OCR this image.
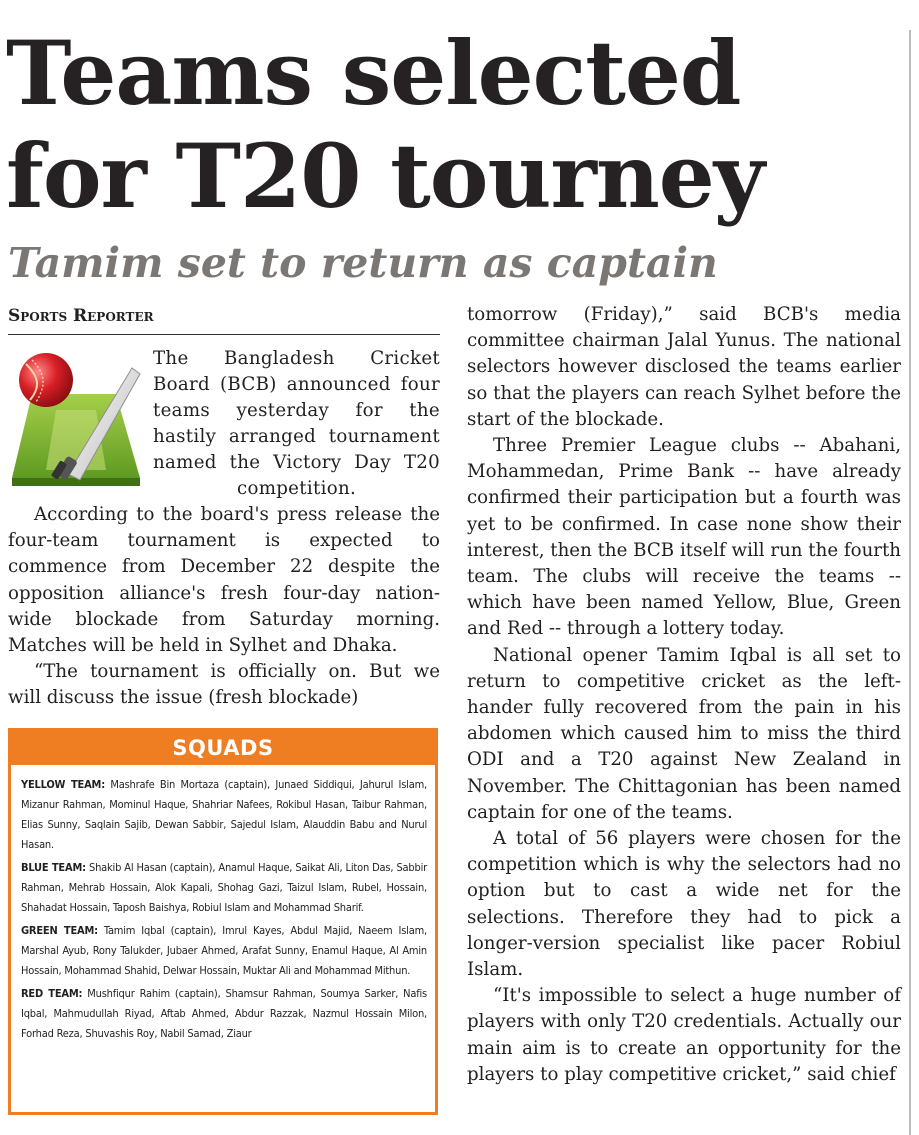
Teams selected for T20 tourney
Tamim set to return as captain
Sports Reporter

The Bangladesh Cricket Board (BCB) announced four teams yesterday for the hastily arranged tournament named the Victory Day T20 competition.

According to the board's press release the four-team tournament is expected to commence from December 22 despite the opposition alliance's fresh four-day nation-wide blockade from Saturday morning. Matches will be held in Sylhet and Dhaka.

“The tournament is officially on. But we will discuss the issue (fresh blockade)

SQUADS

YELLOW TEAM: Mashrafe Bin Mortaza (captain), Junaed Siddiqui, Jahurul Islam, Mizanur Rahman, Mominul Haque, Shahriar Nafees, Rokibul Hasan, Taibur Rahman, Elias Sunny, Saqlain Sajib, Dewan Sabbir, Sajedul Islam, Alauddin Babu and Nurul Hasan.

BLUE TEAM: Shakib Al Hasan (captain), Anamul Haque, Saikat Ali, Liton Das, Sabbir Rahman, Mehrab Hossain, Alok Kapali, Shohag Gazi, Taizul Islam, Rubel, Hossain, Shahadat Hossain, Taposh Baishya, Robiul Islam and Mohammad Sharif.

GREEN TEAM: Tamim Iqbal (captain), Imrul Kayes, Abdul Majid, Naeem Islam, Marshal Ayub, Rony Talukder, Jubaer Ahmed, Arafat Sunny, Enamul Haque, Al Amin Hossain, Mohammad Shahid, Delwar Hossain, Muktar Ali and Mohammad Mithun.

RED TEAM: Mushfiqur Rahim (captain), Shamsur Rahman, Soumya Sarker, Nafis Iqbal, Mahmudullah Riyad, Aftab Ahmed, Abdur Razzak, Nazmul Hossain Milon, Forhad Reza, Shuvashis Roy, Nabil Samad, Ziaur

tomorrow (Friday),” said BCB's media committee chairman Jalal Yunus. The national selectors however disclosed the teams earlier so that the players can reach Sylhet before the start of the blockade.

Three Premier League clubs -- Abahani, Mohammedan, Prime Bank -- have already confirmed their participation but a fourth was yet to be confirmed. In case none show their interest, then the BCB itself will run the fourth team. The clubs will receive the teams -- which have been named Yellow, Blue, Green and Red -- through a lottery today.

National opener Tamim Iqbal is all set to return to competitive cricket as the left-hander fully recovered from the pain in his abdomen which caused him to miss the third ODI and a T20 against New Zealand in November. The Chittagonian has been named captain for one of the teams.

A total of 56 players were chosen for the competition which is why the selectors had no option but to cast a wide net for the selections. Therefore they had to pick a longer-version specialist like pacer Robiul Islam.

“It's impossible to select a huge number of players with only T20 credentials. Actually our main aim is to create an opportunity for the players to play competitive cricket,” said chief
